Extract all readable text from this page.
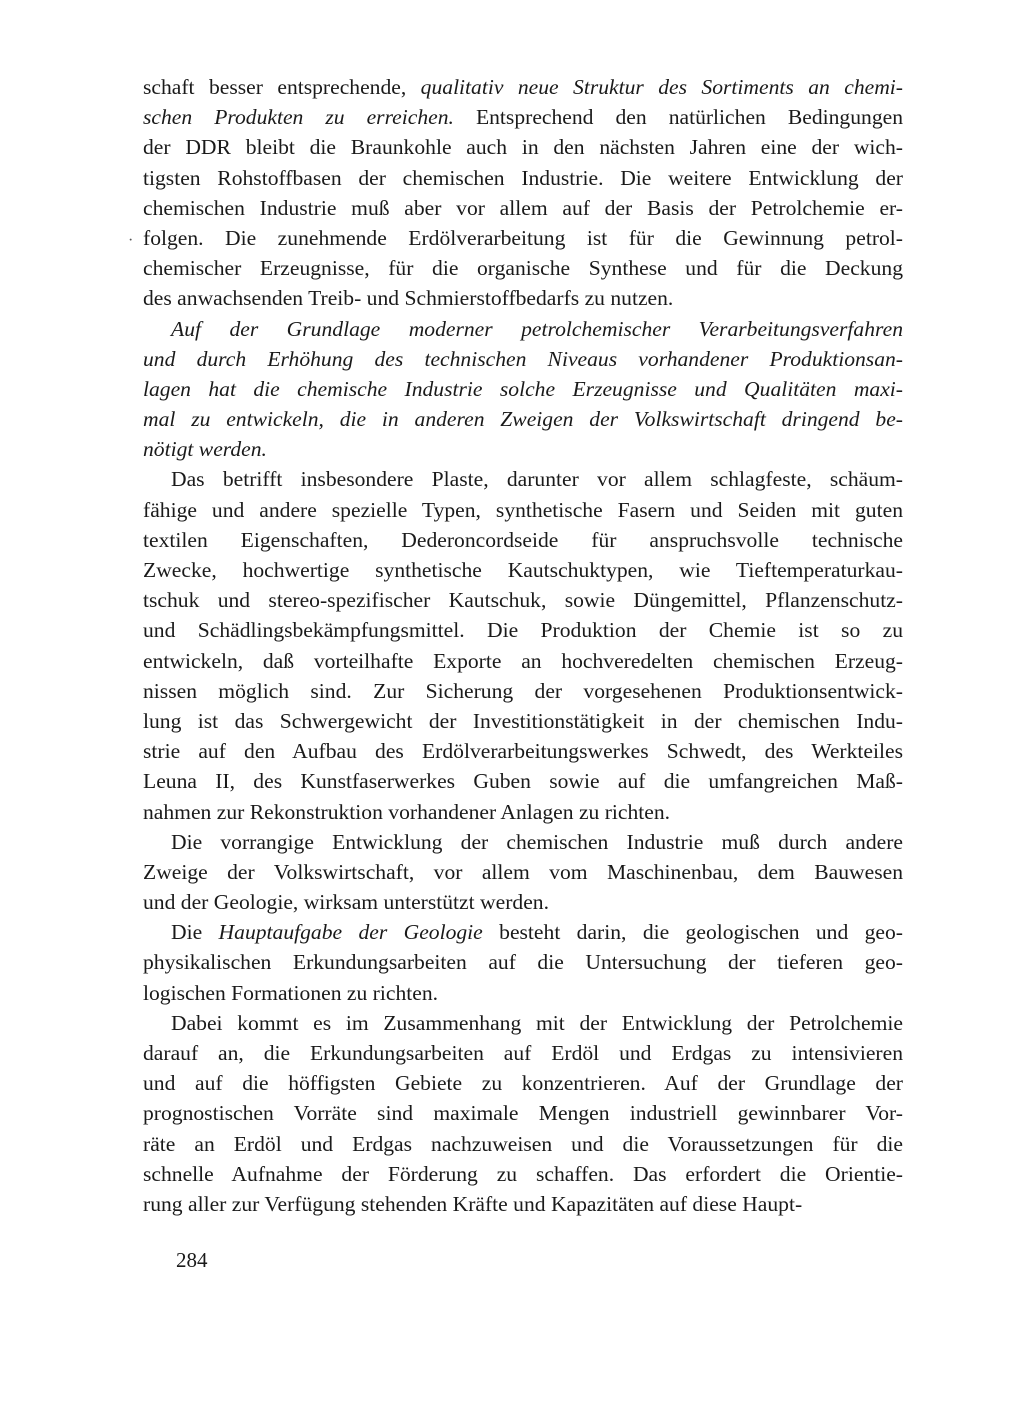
·
schaft besser entsprechende, qualitativ neue Struktur des Sortiments an chemi-
schen Produkten zu erreichen. Entsprechend den natürlichen Bedingungen
der DDR bleibt die Braunkohle auch in den nächsten Jahren eine der wich-
tigsten Rohstoffbasen der chemischen Industrie. Die weitere Entwicklung der
chemischen Industrie muß aber vor allem auf der Basis der Petrolchemie er-
folgen. Die zunehmende Erdölverarbeitung ist für die Gewinnung petrol-
chemischer Erzeugnisse, für die organische Synthese und für die Deckung
des anwachsenden Treib- und Schmierstoffbedarfs zu nutzen.
Auf der Grundlage moderner petrolchemischer Verarbeitungsverfahren
und durch Erhöhung des technischen Niveaus vorhandener Produktionsan-
lagen hat die chemische Industrie solche Erzeugnisse und Qualitäten maxi-
mal zu entwickeln, die in anderen Zweigen der Volkswirtschaft dringend be-
nötigt werden.
Das betrifft insbesondere Plaste, darunter vor allem schlagfeste, schäum-
fähige und andere spezielle Typen, synthetische Fasern und Seiden mit guten
textilen Eigenschaften, Dederoncordseide für anspruchsvolle technische
Zwecke, hochwertige synthetische Kautschuktypen, wie Tieftemperaturkau-
tschuk und stereo-spezifischer Kautschuk, sowie Düngemittel, Pflanzenschutz-
und Schädlingsbekämpfungsmittel. Die Produktion der Chemie ist so zu
entwickeln, daß vorteilhafte Exporte an hochveredelten chemischen Erzeug-
nissen möglich sind. Zur Sicherung der vorgesehenen Produktionsentwick-
lung ist das Schwergewicht der Investitionstätigkeit in der chemischen Indu-
strie auf den Aufbau des Erdölverarbeitungswerkes Schwedt, des Werkteiles
Leuna II, des Kunstfaserwerkes Guben sowie auf die umfangreichen Maß-
nahmen zur Rekonstruktion vorhandener Anlagen zu richten.
Die vorrangige Entwicklung der chemischen Industrie muß durch andere
Zweige der Volkswirtschaft, vor allem vom Maschinenbau, dem Bauwesen
und der Geologie, wirksam unterstützt werden.
Die Hauptaufgabe der Geologie besteht darin, die geologischen und geo-
physikalischen Erkundungsarbeiten auf die Untersuchung der tieferen geo-
logischen Formationen zu richten.
Dabei kommt es im Zusammenhang mit der Entwicklung der Petrolchemie
darauf an, die Erkundungsarbeiten auf Erdöl und Erdgas zu intensivieren
und auf die höffigsten Gebiete zu konzentrieren. Auf der Grundlage der
prognostischen Vorräte sind maximale Mengen industriell gewinnbarer Vor-
räte an Erdöl und Erdgas nachzuweisen und die Voraussetzungen für die
schnelle Aufnahme der Förderung zu schaffen. Das erfordert die Orientie-
rung aller zur Verfügung stehenden Kräfte und Kapazitäten auf diese Haupt-
284
